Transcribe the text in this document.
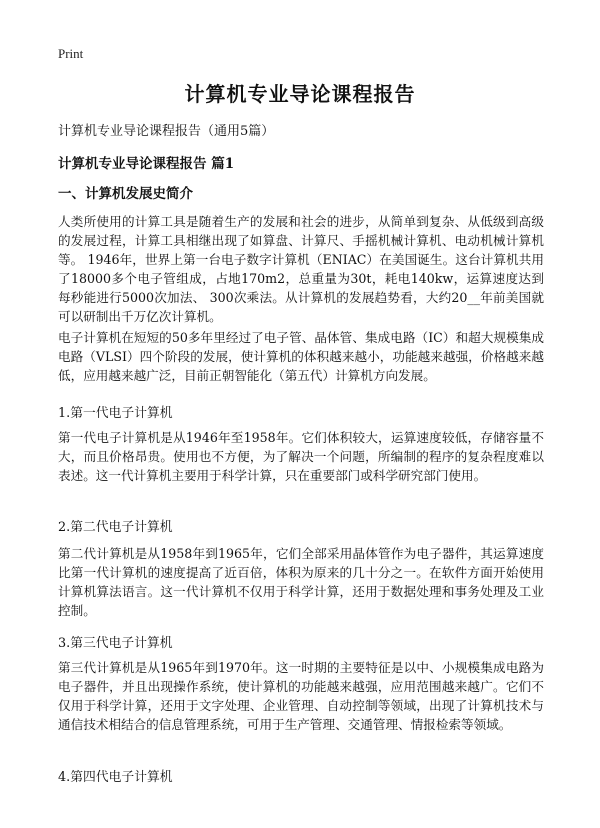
Print
计算机专业导论课程报告
计算机专业导论课程报告（通用5篇）
计算机专业导论课程报告 篇1
一、计算机发展史简介

人类所使用的计算工具是随着生产的发展和社会的进步，从简单到复杂、从低级到高级的发展过程，计算工具相继出现了如算盘、计算尺、手摇机械计算机、电动机械计算机等。 1946年，世界上第一台电子数字计算机（ENIAC）在美国诞生。这台计算机共用了18000多个电子管组成，占地170m2，总重量为30t，耗电140kw，运算速度达到每秒能进行5000次加法、 300次乘法。从计算机的发展趋势看，大约20__年前美国就可以研制出千万亿次计算机。

电子计算机在短短的50多年里经过了电子管、晶体管、集成电路（IC）和超大规模集成电路（VLSI）四个阶段的发展，使计算机的体积越来越小，功能越来越强，价格越来越低，应用越来越广泛，目前正朝智能化（第五代）计算机方向发展。

1.第一代电子计算机

第一代电子计算机是从1946年至1958年。它们体积较大，运算速度较低，存储容量不大，而且价格昂贵。使用也不方便，为了解决一个问题，所编制的程序的复杂程度难以表述。这一代计算机主要用于科学计算，只在重要部门或科学研究部门使用。

2.第二代电子计算机

第二代计算机是从1958年到1965年，它们全部采用晶体管作为电子器件，其运算速度比第一代计算机的速度提高了近百倍，体积为原来的几十分之一。在软件方面开始使用计算机算法语言。这一代计算机不仅用于科学计算，还用于数据处理和事务处理及工业控制。

3.第三代电子计算机

第三代计算机是从1965年到1970年。这一时期的主要特征是以中、小规模集成电路为电子器件，并且出现操作系统，使计算机的功能越来越强，应用范围越来越广。它们不仅用于科学计算，还用于文字处理、企业管理、自动控制等领域，出现了计算机技术与通信技术相结合的信息管理系统，可用于生产管理、交通管理、情报检索等领域。

4.第四代电子计算机
